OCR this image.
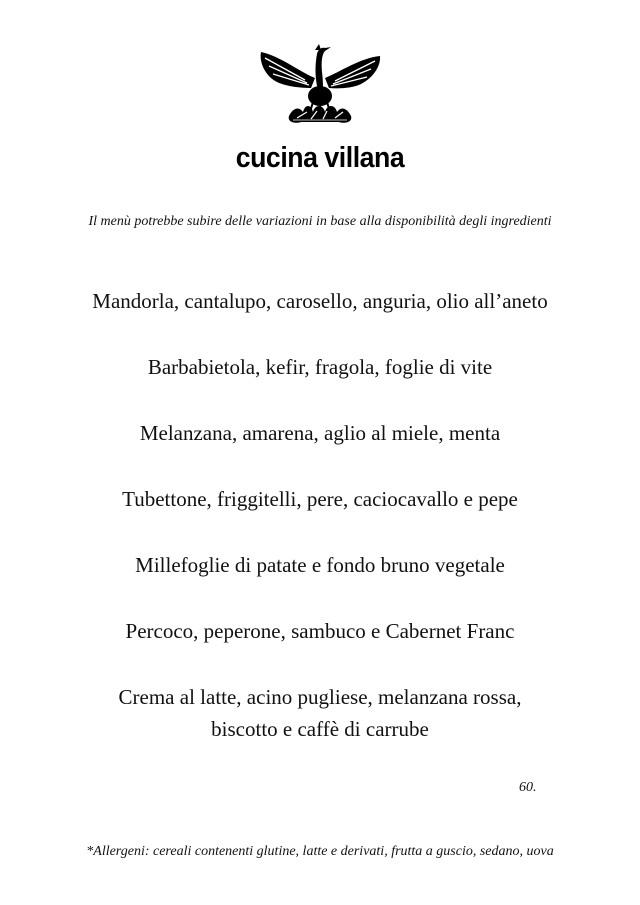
cucina villana
Il menù potrebbe subire delle variazioni in base alla disponibilità degli ingredienti
Mandorla, cantalupo, carosello, anguria, olio all’aneto
Barbabietola, kefir, fragola, foglie di vite
Melanzana, amarena, aglio al miele, menta
Tubettone, friggitelli, pere, caciocavallo e pepe
Millefoglie di patate e fondo bruno vegetale
Percoco, peperone, sambuco e Cabernet Franc
Crema al latte, acino pugliese, melanzana rossa,
biscotto e caffè di carrube
60.
*Allergeni: cereali contenenti glutine, latte e derivati, frutta a guscio, sedano, uova
